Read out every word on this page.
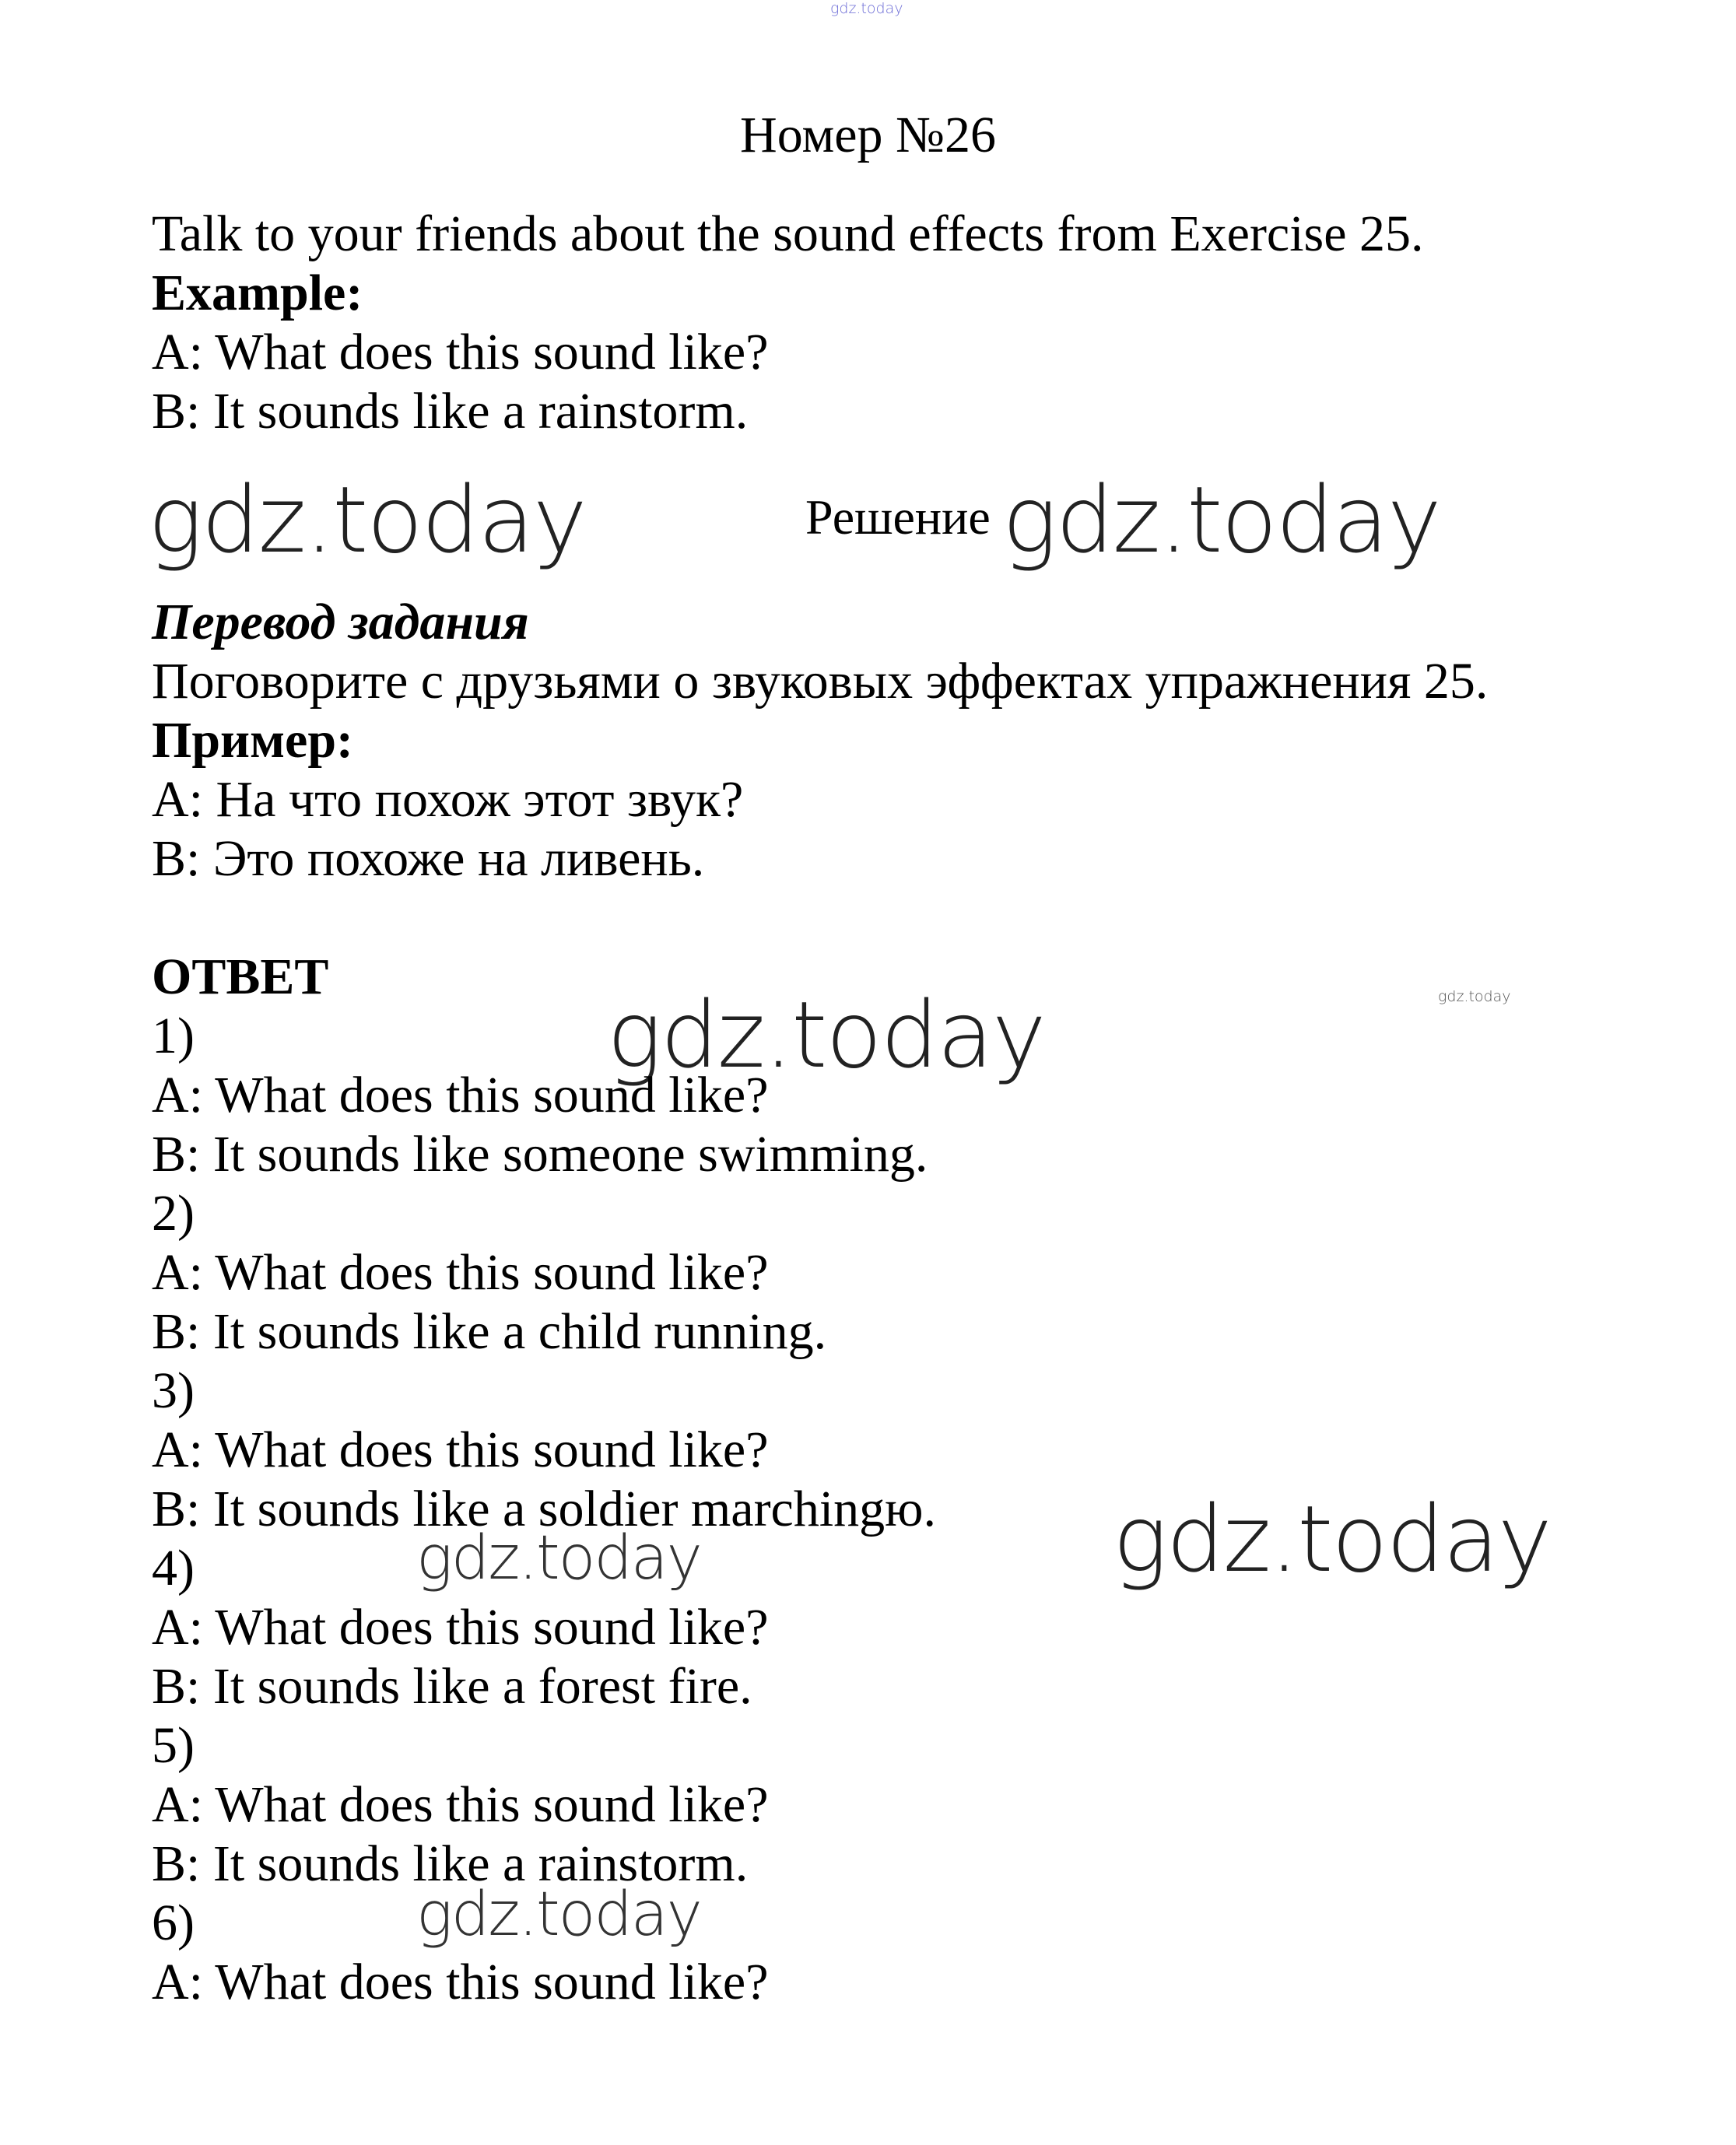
gdz.today
gdz.today	gdz.today
gdz.today	gdz.today
gdz.today
gdz.today
gdz.today
Номер №26
Talk to your friends about the sound effects from Exercise 25.
Example:
A: What does this sound like?
B: It sounds like a rainstorm.
Решение
Перевод задания
Поговорите с друзьями о звуковых эффектах упражнения 25.
Пример:
A: На что похож этот звук?
B: Это похоже на ливень.
ОТВЕТ
1)
A: What does this sound like?
B: It sounds like someone swimming.
2)
A: What does this sound like?
B: It sounds like a child running.
3)
A: What does this sound like?
B: It sounds like a soldier marchingю.
4)
A: What does this sound like?
B: It sounds like a forest fire.
5)
A: What does this sound like?
B: It sounds like a rainstorm.
6)
A: What does this sound like?
